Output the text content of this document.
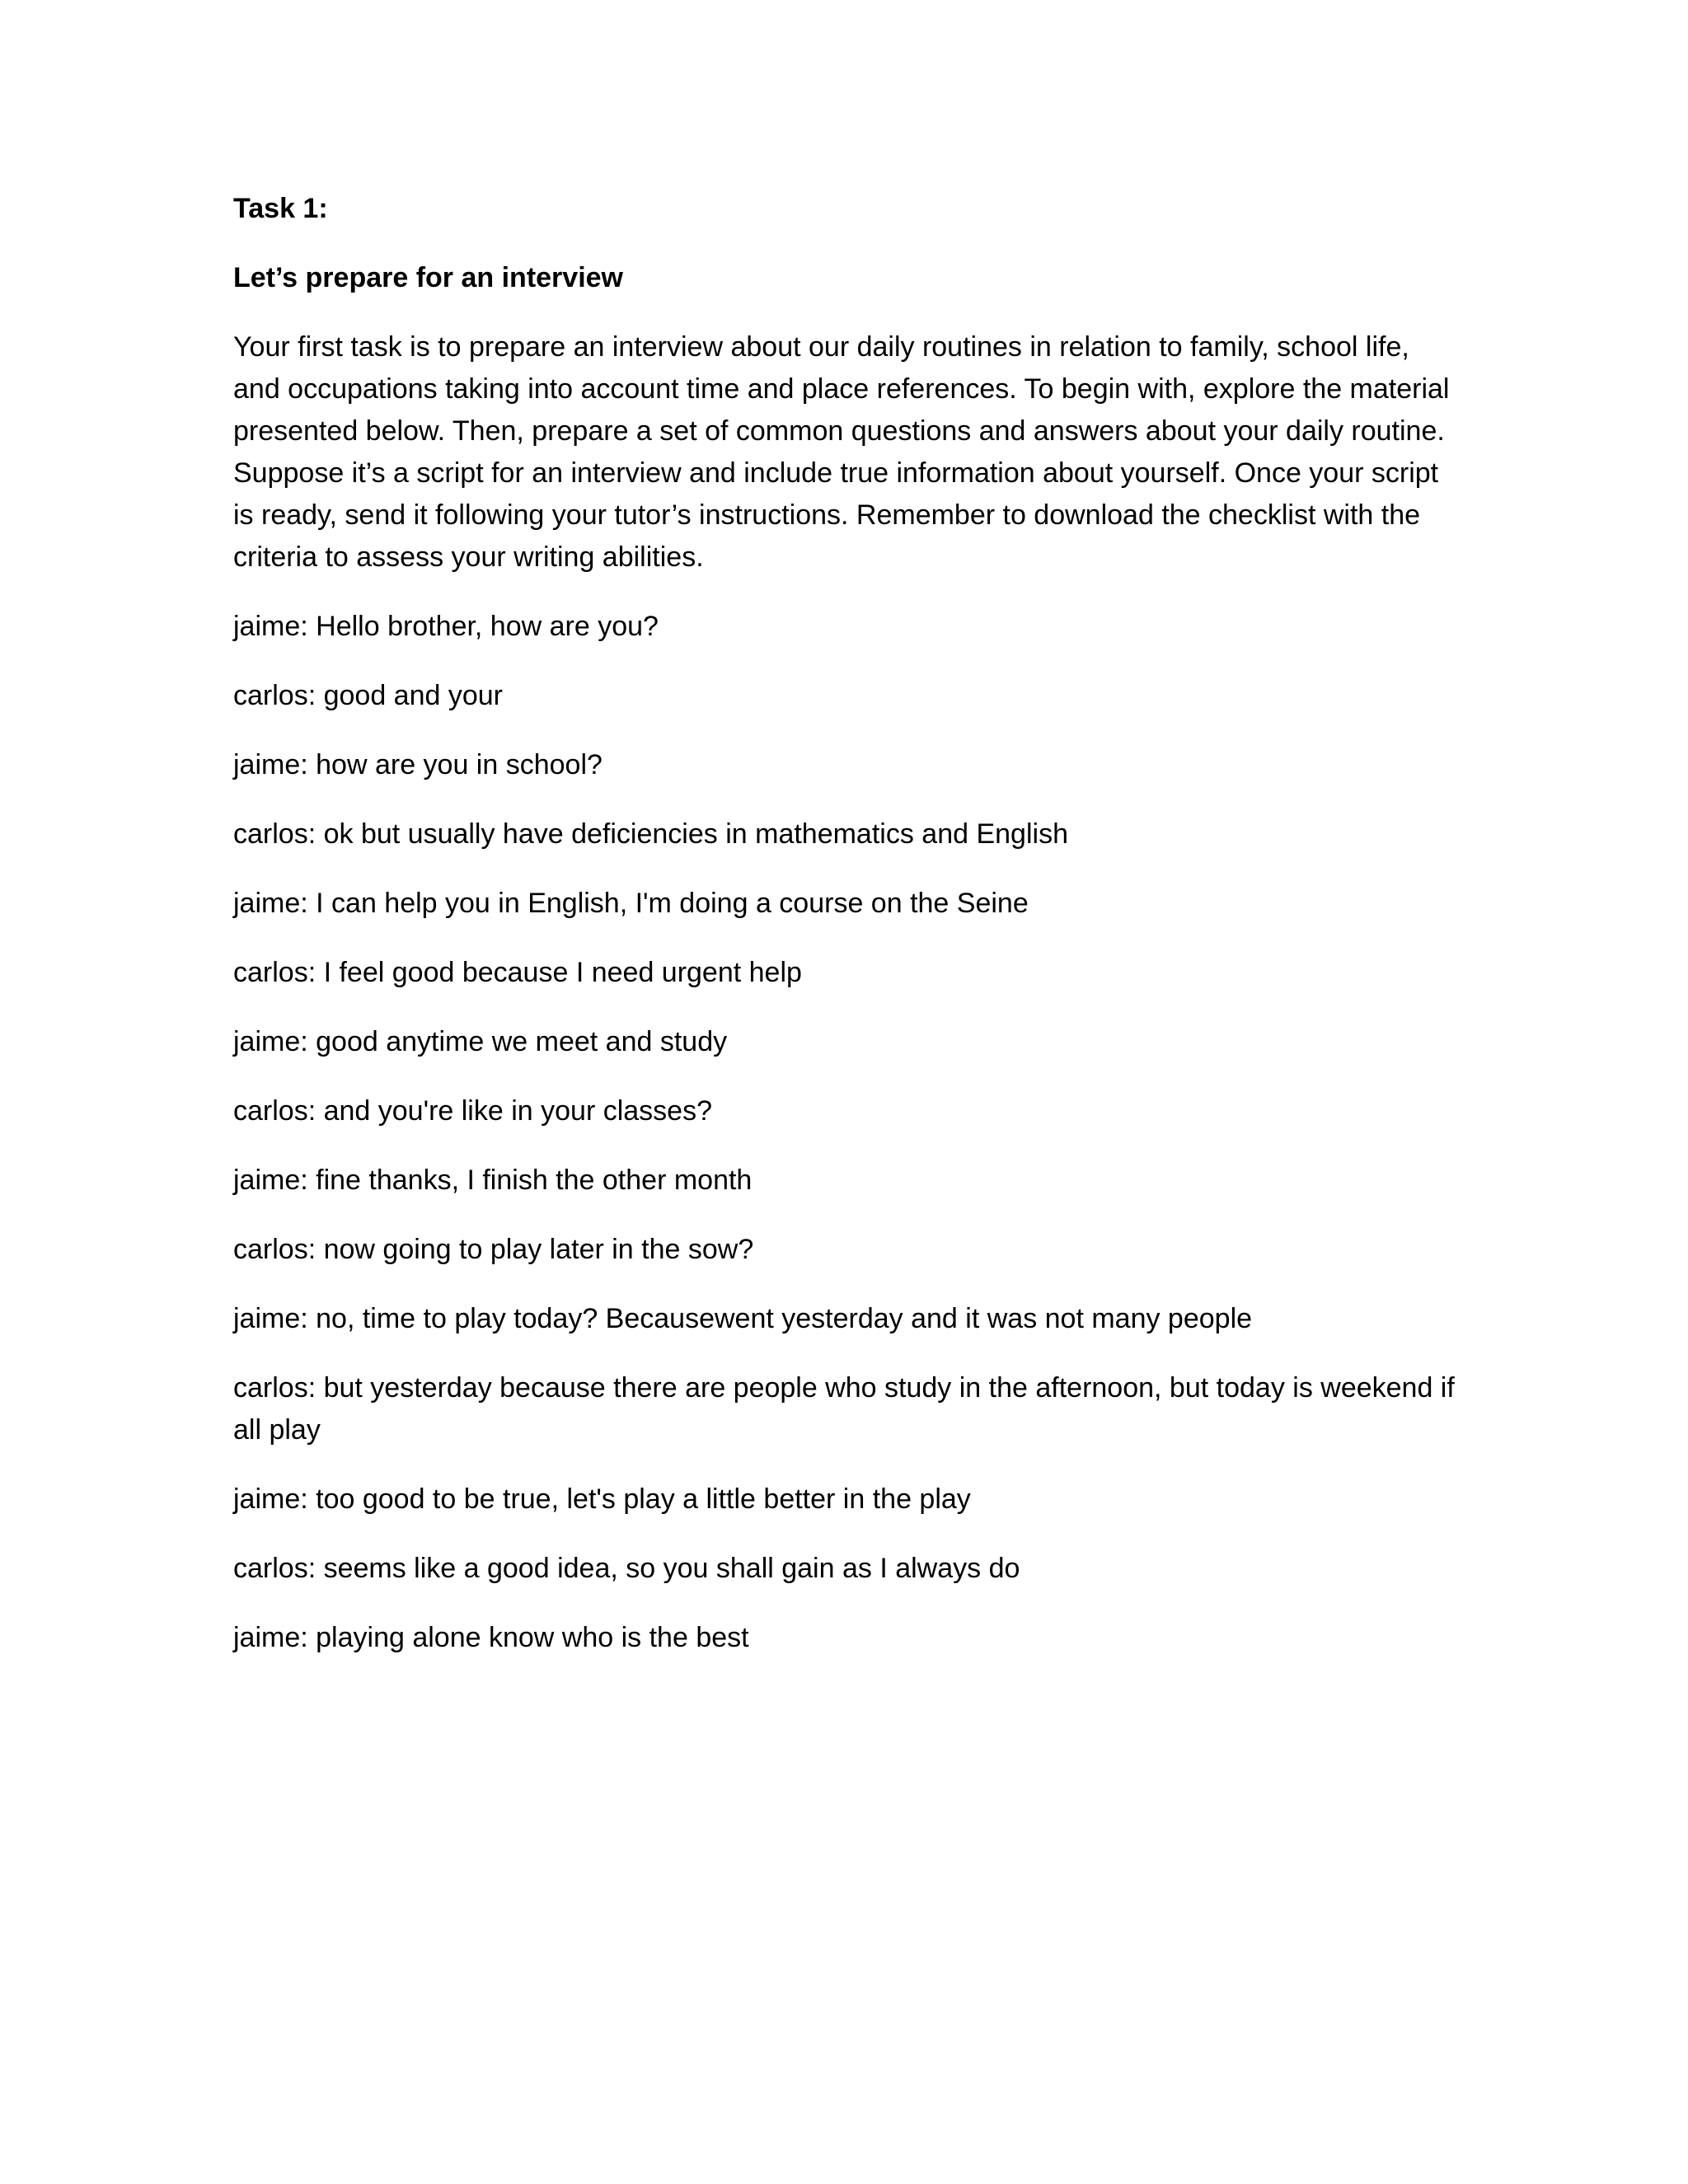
Task 1:

Let’s prepare for an interview

Your first task is to prepare an interview about our daily routines in relation to family, school life, and occupations taking into account time and place references. To begin with, explore the material presented below. Then, prepare a set of common questions and answers about your daily routine. Suppose it’s a script for an interview and include true information about yourself. Once your script is ready, send it following your tutor’s instructions. Remember to download the checklist with the criteria to assess your writing abilities.

jaime: Hello brother, how are you?
carlos: good and your
jaime: how are you in school?
carlos: ok but usually have deficiencies in mathematics and English
jaime: I can help you in English, I'm doing a course on the Seine
carlos: I feel good because I need urgent help
jaime: good anytime we meet and study
carlos: and you're like in your classes?
jaime: fine thanks, I finish the other month
carlos: now going to play later in the sow?
jaime: no, time to play today? Becausewent yesterday and it was not many people
carlos: but yesterday because there are people who study in the afternoon, but today is weekend if all play
jaime: too good to be true, let's play a little better in the play
carlos: seems like a good idea, so you shall gain as I always do
jaime: playing alone know who is the best
